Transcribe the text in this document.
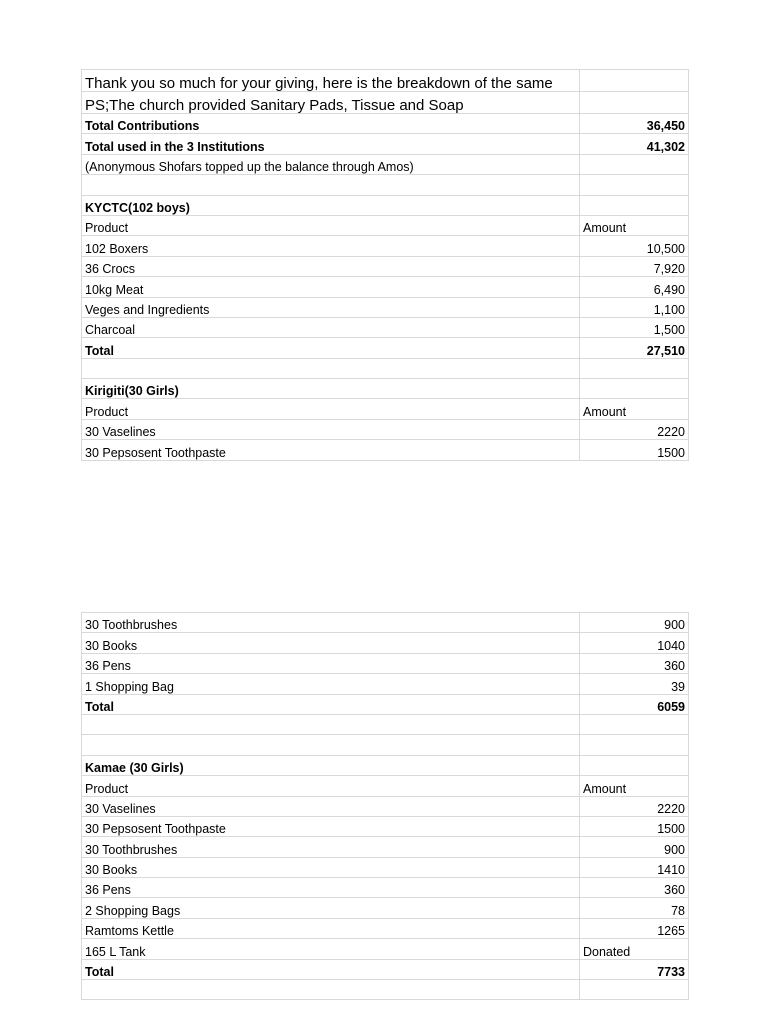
Thank you so much for your giving, here is the breakdown of the same	
PS;The church provided Sanitary Pads, Tissue and Soap	
Total Contributions	36,450
Total used in the 3 Institutions	41,302
(Anonymous Shofars topped up the balance through Amos)	

KYCTC(102 boys)	
Product	Amount
102 Boxers	10,500
36 Crocs	7,920
10kg Meat	6,490
Veges and Ingredients	1,100
Charcoal	1,500
Total	27,510

Kirigiti(30 Girls)	
Product	Amount
30 Vaselines	2220
30 Pepsosent Toothpaste	1500
30 Toothbrushes	900
30 Books	1040
36 Pens	360
1 Shopping Bag	39
Total	6059

Kamae (30 Girls)	
Product	Amount
30 Vaselines	2220
30 Pepsosent Toothpaste	1500
30 Toothbrushes	900
30 Books	1410
36 Pens	360
2 Shopping Bags	78
Ramtoms Kettle	1265
165 L Tank	Donated
Total	7733
